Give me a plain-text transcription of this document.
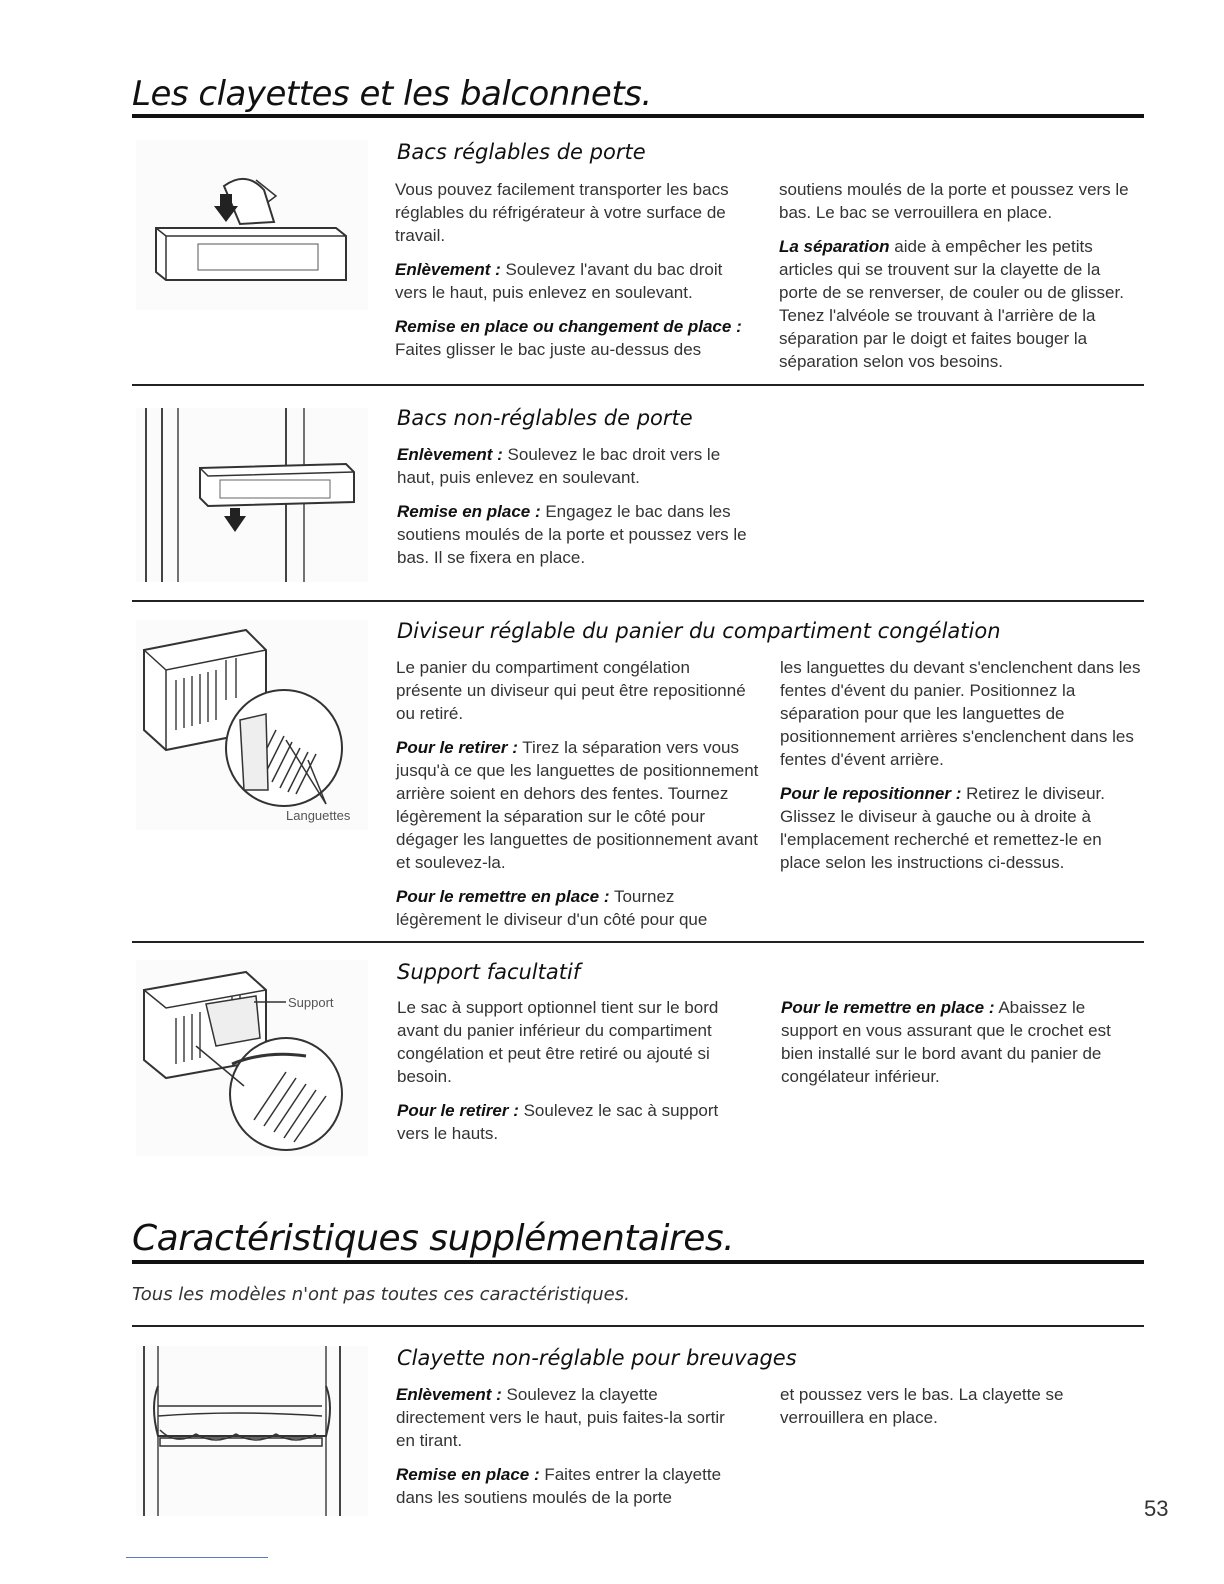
Les clayettes et les balconnets.
Bacs réglables de porte

Vous pouvez facilement transporter les bacs réglables du réfrigérateur à votre surface de travail.

Enlèvement : Soulevez l'avant du bac droit vers le haut, puis enlevez en soulevant.

Remise en place ou changement de place : Faites glisser le bac juste au-dessus des

soutiens moulés de la porte et poussez vers le bas. Le bac se verrouillera en place.

La séparation aide à empêcher les petits articles qui se trouvent sur la clayette de la porte de se renverser, de couler ou de glisser. Tenez l'alvéole se trouvant à l'arrière de la séparation par le doigt et faites bouger la séparation selon vos besoins.

Bacs non-réglables de porte

Enlèvement : Soulevez le bac droit vers le haut, puis enlevez en soulevant.

Remise en place : Engagez le bac dans les soutiens moulés de la porte et poussez vers le bas. Il se fixera en place.

Languettes
Diviseur réglable du panier du compartiment congélation

Le panier du compartiment congélation présente un diviseur qui peut être repositionné ou retiré.

Pour le retirer : Tirez la séparation vers vous jusqu'à ce que les languettes de positionnement arrière soient en dehors des fentes. Tournez légèrement la séparation sur le côté pour dégager les languettes de positionnement avant et soulevez-la.

Pour le remettre en place : Tournez légèrement le diviseur d'un côté pour que

les languettes du devant s'enclenchent dans les fentes d'évent du panier. Positionnez la séparation pour que les languettes de positionnement arrières s'enclenchent dans les fentes d'évent arrière.

Pour le repositionner : Retirez le diviseur. Glissez le diviseur à gauche ou à droite à l'emplacement recherché et remettez-le en place selon les instructions ci-dessus.

Support
Support facultatif

Le sac à support optionnel tient sur le bord avant du panier inférieur du compartiment congélation et peut être retiré ou ajouté si besoin.

Pour le retirer : Soulevez le sac à support vers le hauts.

Pour le remettre en place : Abaissez le support en vous assurant que le crochet est bien installé sur le bord avant du panier de congélateur inférieur.

Caractéristiques supplémentaires.
Tous les modèles n'ont pas toutes ces caractéristiques.
Clayette non-réglable pour breuvages

Enlèvement : Soulevez la clayette directement vers le haut, puis faites-la sortir en tirant.

Remise en place : Faites entrer la clayette dans les soutiens moulés de la porte

et poussez vers le bas. La clayette se verrouillera en place.

53
